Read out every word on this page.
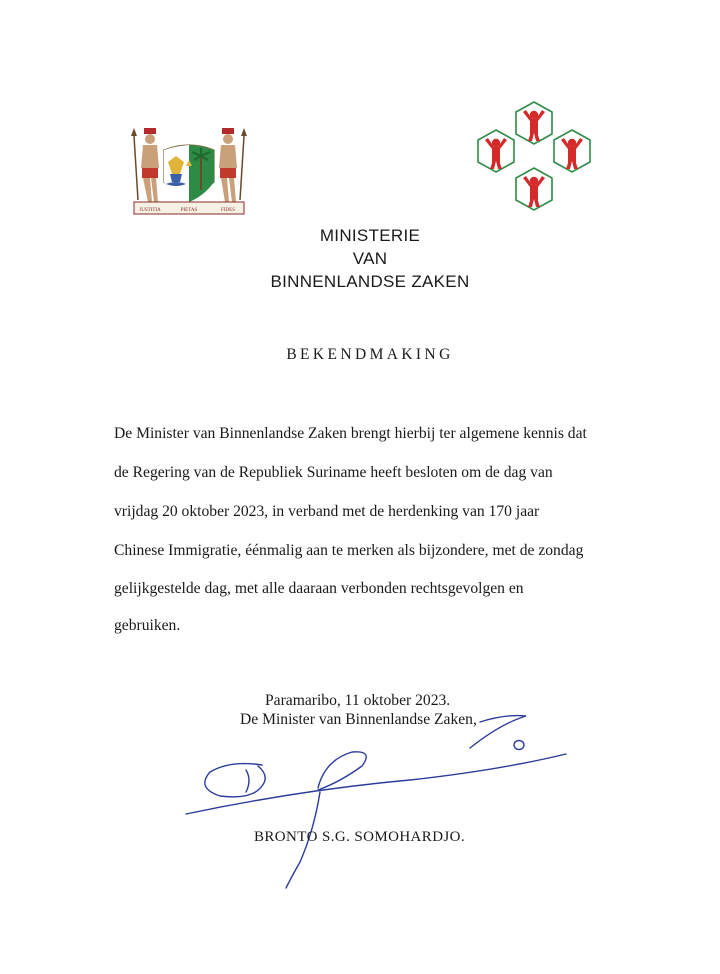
JUSTITIA	PIETAS	FIDES
MINISTERIE
VAN
BINNENLANDSE ZAKEN
BEKENDMAKING
De Minister van Binnenlandse Zaken brengt hierbij ter algemene kennis dat
de Regering van de Republiek Suriname heeft besloten om de dag van
vrijdag 20 oktober 2023, in verband met de herdenking van 170 jaar
Chinese Immigratie, éénmalig aan te merken als bijzondere, met de zondag
gelijkgestelde dag, met alle daaraan verbonden rechtsgevolgen en
gebruiken.
Paramaribo, 11 oktober 2023.
De Minister van Binnenlandse Zaken,
BRONTO S.G. SOMOHARDJO.
